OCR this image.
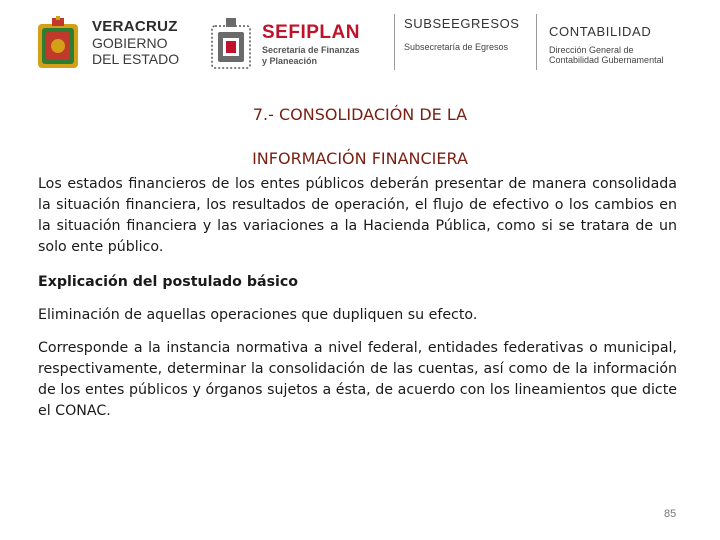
VERACRUZ
GOBIERNO
DEL ESTADO
SEFIPLAN
Secretaría de Finanzas
y Planeación
SUBSEEGRESOS
Subsecretaría de Egresos
CONTABILIDAD
Dirección General de Contabilidad Gubernamental
7.- CONSOLIDACIÓN DE LA
INFORMACIÓN FINANCIERA

Los estados financieros de los entes públicos deberán presentar de manera consolidada la situación financiera, los resultados de operación, el flujo de efectivo o los cambios en la situación financiera y las variaciones a la Hacienda Pública, como si se tratara de un solo ente público.

Explicación del postulado básico

Eliminación de aquellas operaciones que dupliquen su efecto.

Corresponde a la instancia normativa a nivel federal, entidades federativas o municipal, respectivamente, determinar la consolidación de las cuentas, así como de la información de los entes públicos y órganos sujetos a ésta, de acuerdo con los lineamientos que dicte el CONAC.

85
